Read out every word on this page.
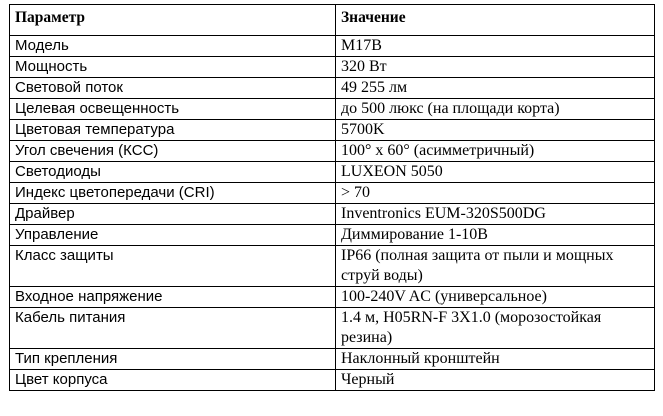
Параметр	Значение
Модель	M17B
Мощность	320 Вт
Световой поток	49 255 лм
Целевая освещенность	до 500 люкс (на площади корта)
Цветовая температура	5700K
Угол свечения (КСС)	100° x 60° (асимметричный)
Светодиоды	LUXEON 5050
Индекс цветопередачи (CRI)	> 70
Драйвер	Inventronics EUM-320S500DG
Управление	Диммирование 1-10В
Класс защиты	IP66 (полная защита от пыли и мощных струй воды)
Входное напряжение	100-240V AC (универсальное)
Кабель питания	1.4 м, H05RN-F 3X1.0 (морозостойкая резина)
Тип крепления	Наклонный кронштейн
Цвет корпуса	Черный
